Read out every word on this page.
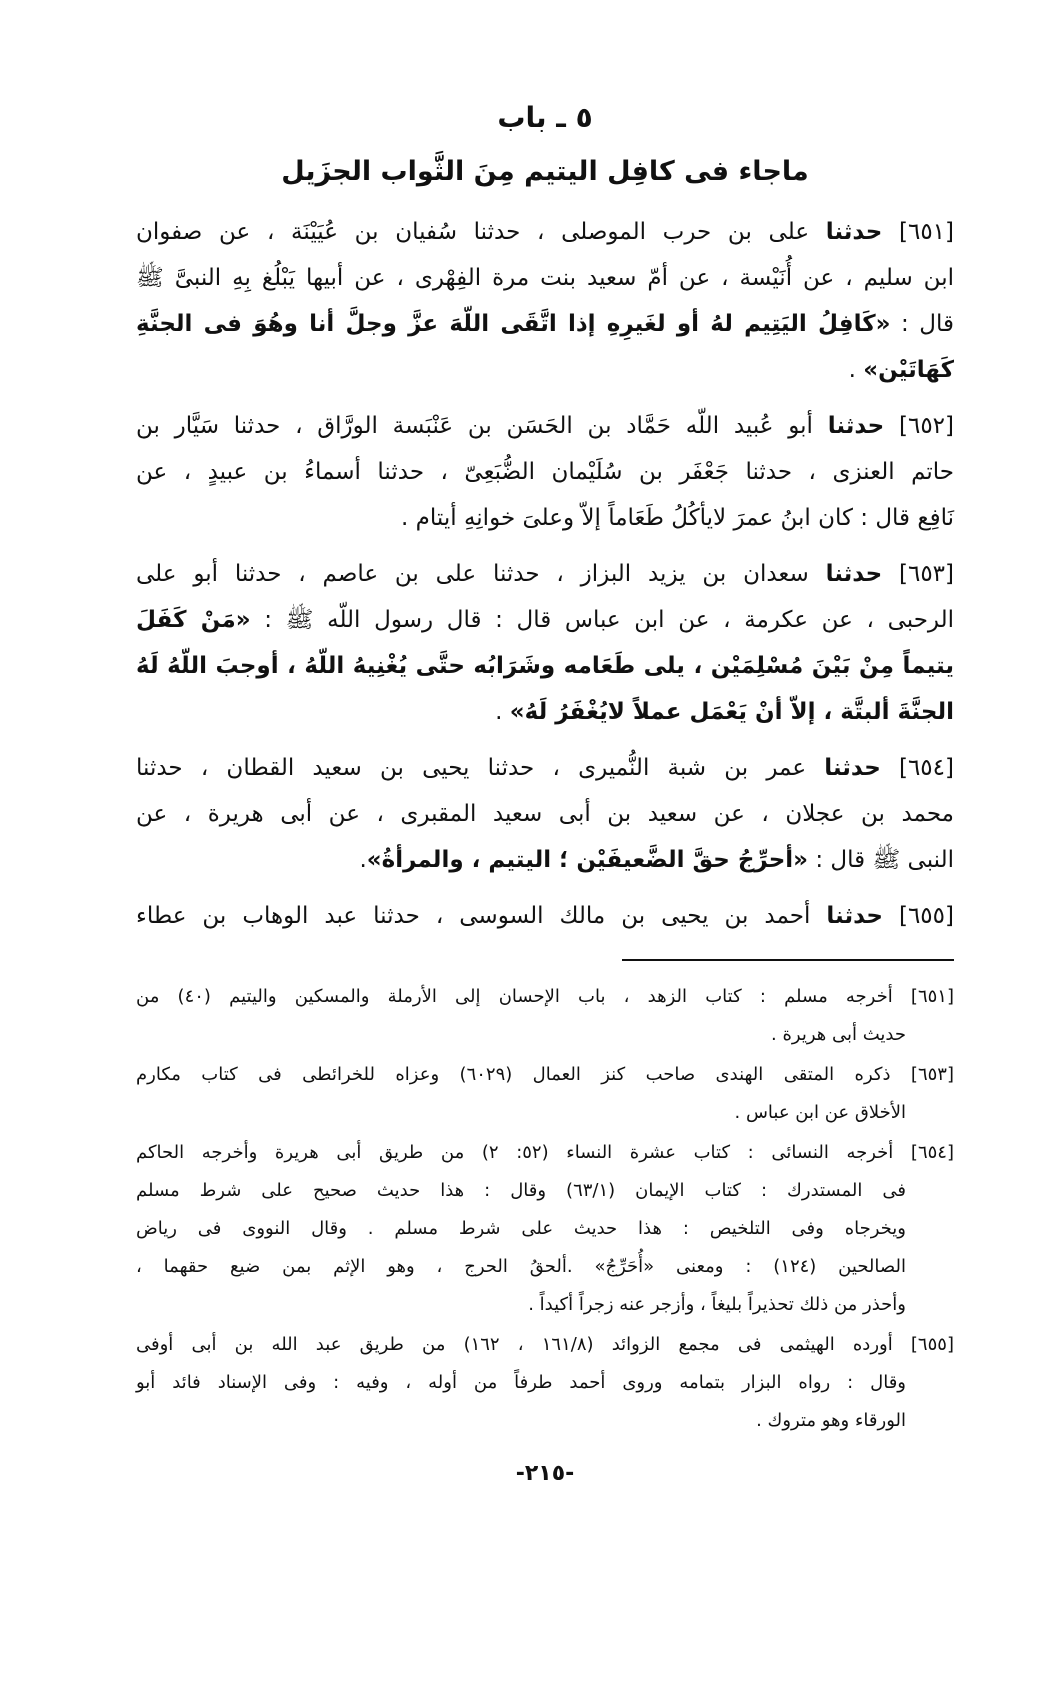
٥ ـ باب
ماجاء فى كافِل اليتيم مِنَ الثَّواب الجزَيل
[٦٥١] حدثنا على بن حرب الموصلى ، حدثنا سُفيان بن عُيَيْنَة ، عن صفوان
ابن سليم ، عن أُنَيْسة ، عن أمّ سعيد بنت مرة الفِهْرى ، عن أبيها يَبْلُغ بِهِ النبىَّ ﷺ
قال : «كَافِلُ اليَتِيم لهُ أو لغَيرِهِ إذا اتَّقَى اللّهَ عزَّ وجلَّ أنا وهُوَ فى الجنَّةِ
كَهَاتَيْن» .
[٦٥٢] حدثنا أبو عُبيد اللّه حَمَّاد بن الحَسَن بن عَنْبَسة الورَّاق ، حدثنا سَيَّار بن
حاتم العنزى ، حدثنا جَعْفَر بن سُلَيْمان الضُّبَعِىّ ، حدثنا أسماءُ بن عبيدٍ ، عن
نَافِع قال : كان ابنُ عمرَ لايأكُلُ طَعَاماً إلاّ وعلىَ خوانِهِ أيتام .
[٦٥٣] حدثنا سعدان بن يزيد البزاز ، حدثنا على بن عاصم ، حدثنا أبو على
الرحبى ، عن عكرمة ، عن ابن عباس قال : قال رسول اللّه ﷺ : «مَنْ كَفَلَ
يتيماً مِنْ بَيْنَ مُسْلِمَيْن ، يلى طَعَامه وشَرَابُه حتَّى يُغْنِيهُ اللّهُ ، أوجبَ اللّهُ لَهُ
الجنَّةَ ألبتَّة ، إلاّ أنْ يَعْمَل عملاً لايُغْفَرُ لَهُ» .
[٦٥٤] حدثنا عمر بن شبة النُّميرى ، حدثنا يحيى بن سعيد القطان ، حدثنا
محمد بن عجلان ، عن سعيد بن أبى سعيد المقبرى ، عن أبى هريرة ، عن
النبى ﷺ قال : «أحرِّجُ حقَّ الضَّعيفَيْن ؛ اليتيم ، والمرأةُ».
[٦٥٥] حدثنا أحمد بن يحيى بن مالك السوسى ، حدثنا عبد الوهاب بن عطاء
[٦٥١] أخرجه مسلم : كتاب الزهد ، باب الإحسان إلى الأرملة والمسكين واليتيم (٤٠) من
حديث أبى هريرة .
[٦٥٣] ذكره المتقى الهندى صاحب كنز العمال (٦٠٢٩) وعزاه للخرائطى فى كتاب مكارم
الأخلاق عن ابن عباس .
[٦٥٤] أخرجه النسائى : كتاب عشرة النساء (٥٢: ٢) من طريق أبى هريرة وأخرجه الحاكم
فى المستدرك : كتاب الإيمان (٦٣/١) وقال : هذا حديث صحيح على شرط مسلم
ويخرجاه وفى التلخيص : هذا حديث على شرط مسلم . وقال النووى فى رياض
الصالحين (١٢٤) : ومعنى «أُحَرِّجُ» .ألحقُ الحرج ، وهو الإثم بمن ضيع حقهما ،
وأحذر من ذلك تحذيراً بليغاً ، وأزجر عنه زجراً أكيداً .
[٦٥٥] أورده الهيثمى فى مجمع الزوائد (١٦١/٨ ، ١٦٢) من طريق عبد الله بن أبى أوفى
وقال : رواه البزار بتمامه وروى أحمد طرفاً من أوله ، وفيه : وفى الإسناد فائد أبو
الورقاء وهو متروك .
-٢١٥-
